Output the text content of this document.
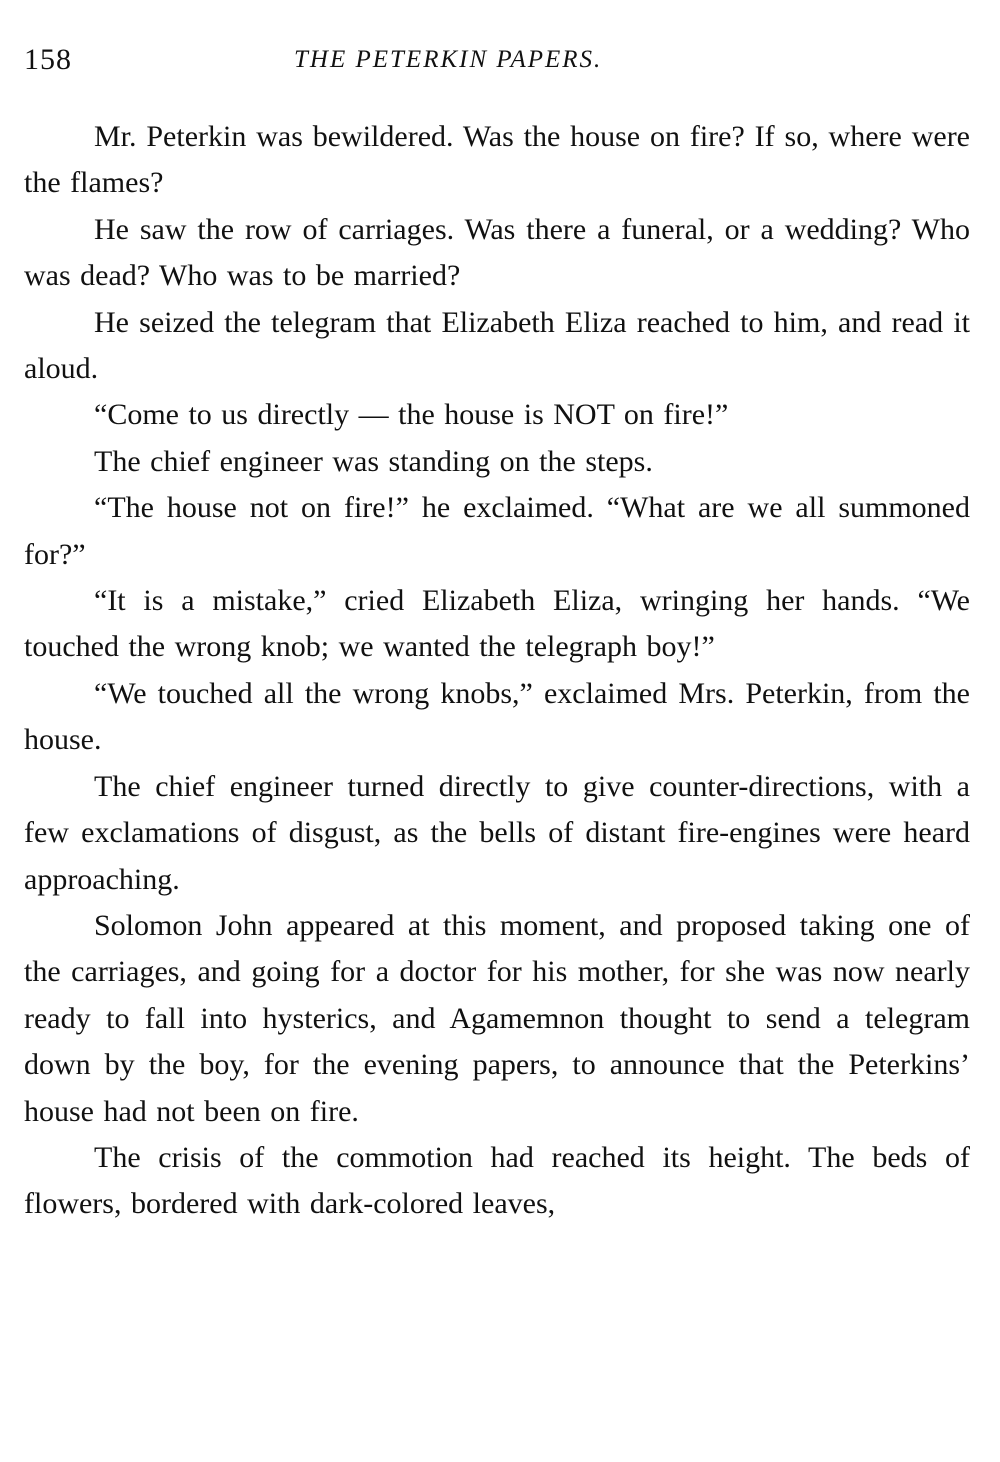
158	THE PETERKIN PAPERS.

Mr. Peterkin was bewildered. Was the house on fire? If so, where were the flames?

He saw the row of carriages. Was there a funeral, or a wedding? Who was dead? Who was to be married?

He seized the telegram that Elizabeth Eliza reached to him, and read it aloud.

“Come to us directly — the house is NOT on fire!”

The chief engineer was standing on the steps.

“The house not on fire!” he exclaimed. “What are we all summoned for?”

“It is a mistake,” cried Elizabeth Eliza, wringing her hands. “We touched the wrong knob; we wanted the telegraph boy!”

“We touched all the wrong knobs,” exclaimed Mrs. Peterkin, from the house.

The chief engineer turned directly to give counter-directions, with a few exclamations of disgust, as the bells of distant fire-engines were heard approaching.

Solomon John appeared at this moment, and proposed taking one of the carriages, and going for a doctor for his mother, for she was now nearly ready to fall into hysterics, and Agamemnon thought to send a telegram down by the boy, for the evening papers, to announce that the Peterkins’ house had not been on fire.

The crisis of the commotion had reached its height. The beds of flowers, bordered with dark-colored leaves,
